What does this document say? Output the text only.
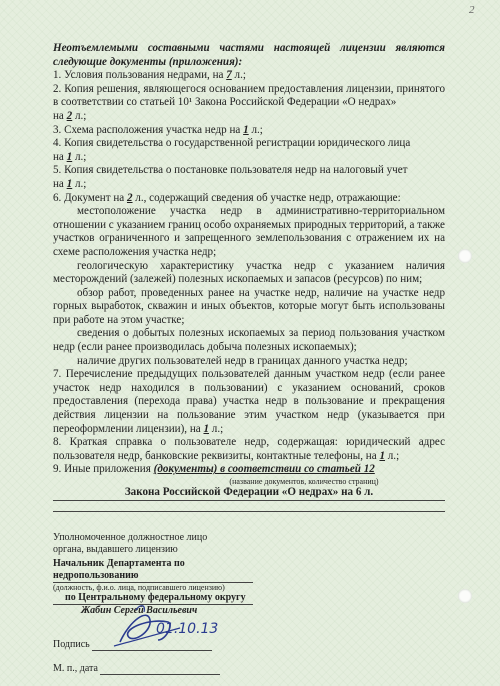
2

Неотъемлемыми составными частями настоящей лицензии являются следующие документы (приложения):

1. Условия пользования недрами, на 7 л.;

2. Копия решения, являющегося основанием предоставления лицензии, принятого в соответствии со статьей 10¹ Закона Российской Федерации «О недрах»
на 2 л.;

3. Схема расположения участка недр на 1 л.;

4. Копия свидетельства о государственной регистрации юридического лица
на 1 л.;

5. Копия свидетельства о постановке пользователя недр на налоговый учет
на 1 л.;

6. Документ на 2 л., содержащий сведения об участке недр, отражающие:

местоположение участка недр в административно-территориальном отношении с указанием границ особо охраняемых природных территорий, а также участков ограниченного и запрещенного землепользования с отражением их на схеме расположения участка недр;

геологическую характеристику участка недр с указанием наличия месторождений (залежей) полезных ископаемых и запасов (ресурсов) по ним;

обзор работ, проведенных ранее на участке недр, наличие на участке недр горных выработок, скважин и иных объектов, которые могут быть использованы при работе на этом участке;

сведения о добытых полезных ископаемых за период пользования участком недр (если ранее производилась добыча полезных ископаемых);

наличие других пользователей недр в границах данного участка недр;

7. Перечисление предыдущих пользователей данным участком недр (если ранее участок недр находился в пользовании) с указанием оснований, сроков предоставления (перехода права) участка недр в пользование и прекращения действия лицензии на пользование этим участком недр (указывается при переоформлении лицензии), на 1 л.;

8. Краткая справка о пользователе недр, содержащая: юридический адрес пользователя недр, банковские реквизиты, контактные телефоны, на 1 л.;

9. Иные приложения (документы) в соответствии со статьей 12

(название документов, количество страниц)

Закона Российской Федерации «О недрах» на 6 л.

Уполномоченное должностное лицо
органа, выдавшего лицензию
Начальник Департамента по недропользованию
(должность, ф.и.о. лица, подписавшего лицензию)
по Центральному федеральному округу
Жабин Сергей Васильевич
Подпись
М. п., дата
01.10.13
